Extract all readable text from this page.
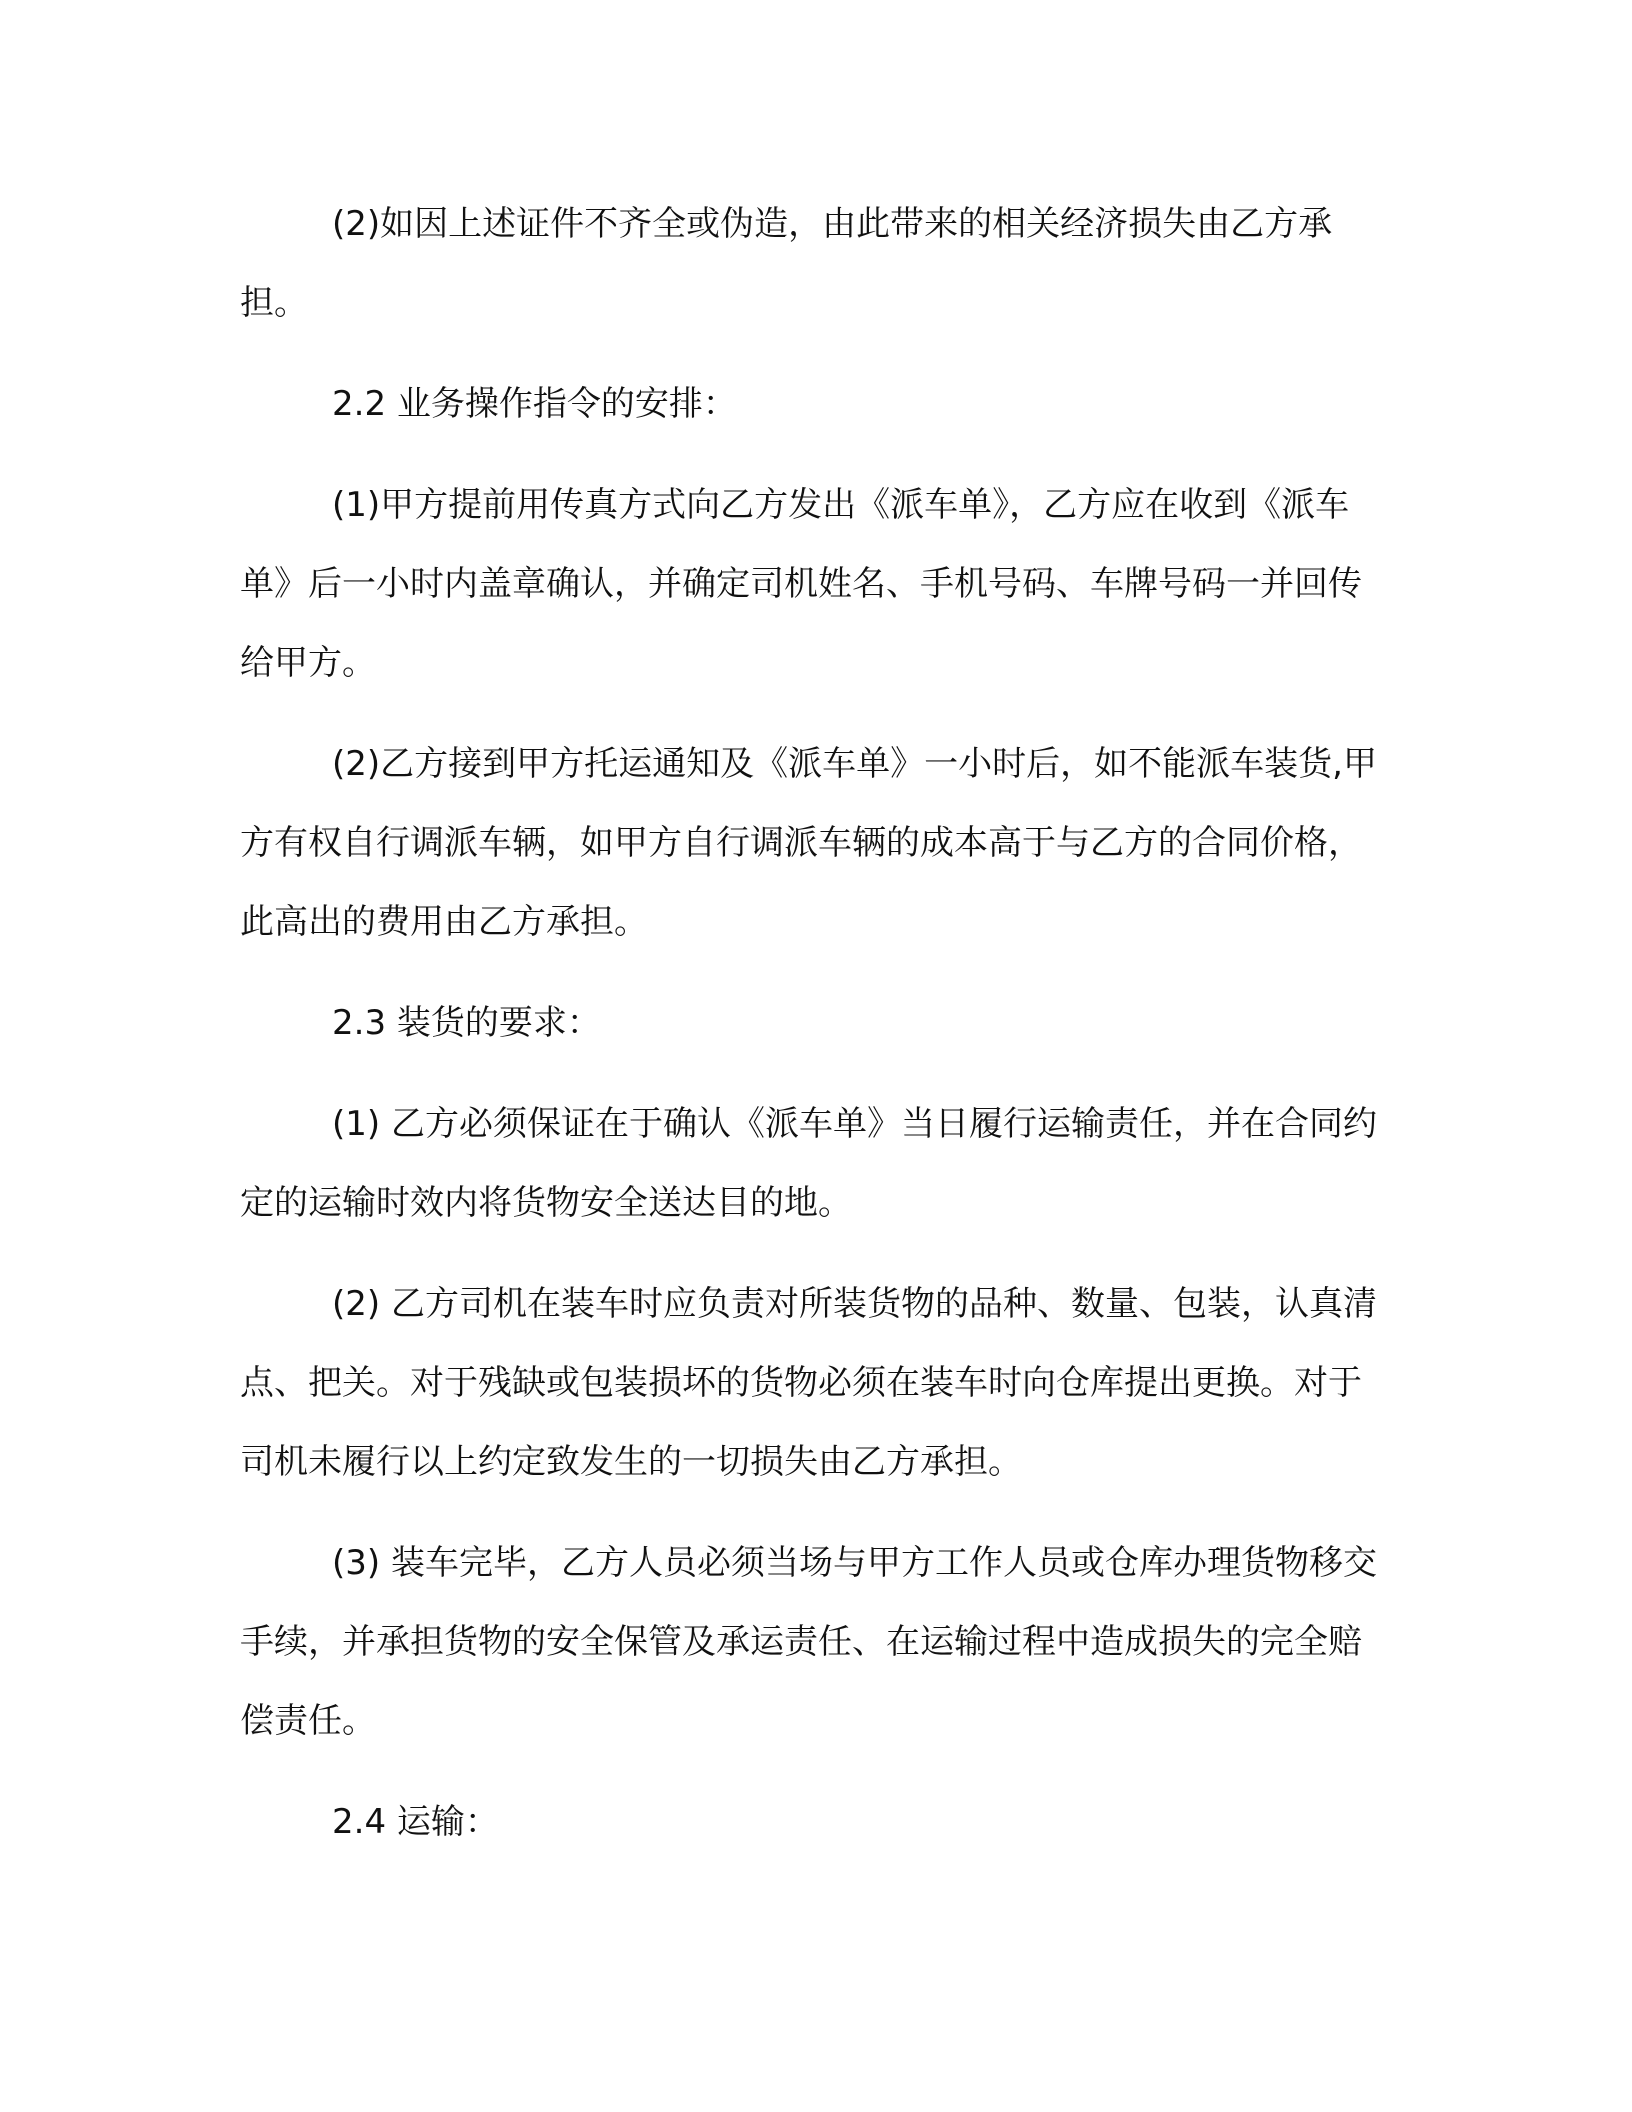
(2)如因上述证件不齐全或伪造，由此带来的相关经济损失由乙方承担。

2.2 业务操作指令的安排：

(1)甲方提前用传真方式向乙方发出《派车单》，乙方应在收到《派车单》后一小时内盖章确认，并确定司机姓名、手机号码、车牌号码一并回传给甲方。

(2)乙方接到甲方托运通知及《派车单》一小时后，如不能派车装货,甲方有权自行调派车辆，如甲方自行调派车辆的成本高于与乙方的合同价格，此高出的费用由乙方承担。

2.3 装货的要求：

(1) 乙方必须保证在于确认《派车单》当日履行运输责任，并在合同约定的运输时效内将货物安全送达目的地。

(2) 乙方司机在装车时应负责对所装货物的品种、数量、包装，认真清点、把关。对于残缺或包装损坏的货物必须在装车时向仓库提出更换。对于司机未履行以上约定致发生的一切损失由乙方承担。

(3) 装车完毕，乙方人员必须当场与甲方工作人员或仓库办理货物移交手续，并承担货物的安全保管及承运责任、在运输过程中造成损失的完全赔偿责任。

2.4 运输：
